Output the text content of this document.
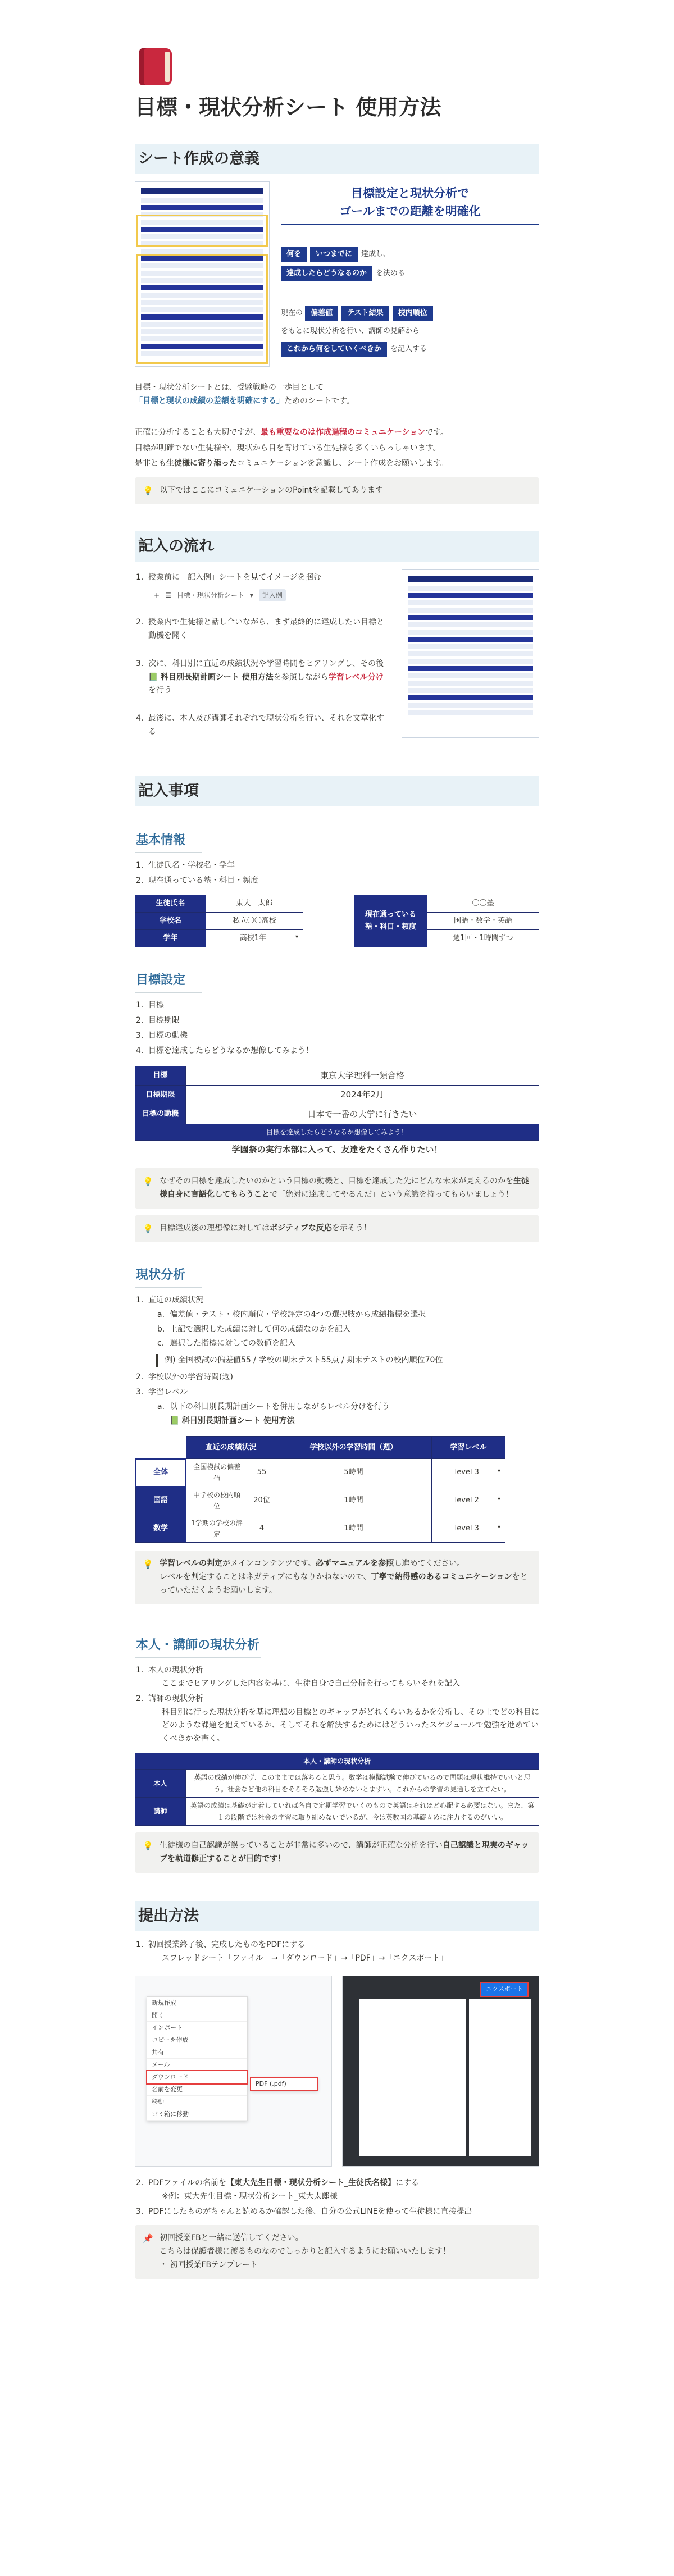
目標・現状分析シート 使用方法
シート作成の意義
目標設定と現状分析で
ゴールまでの距離を明確化
何を いつまでに 達成し、
達成したらどうなるのか を決める
現在の 偏差値 テスト結果 校内順位
をもとに現状分析を行い、講師の見解から
これから何をしていくべきか を記入する

目標・現状分析シートとは、受験戦略の一歩目として
「目標と現状の成績の差額を明確にする」ためのシートです。

正確に分析することも大切ですが、最も重要なのは作成過程のコミュニケーションです。

目標が明確でない生徒様や、現状から目を背けている生徒様も多くいらっしゃいます。

是非とも生徒様に寄り添ったコミュニケーションを意識し、シート作成をお願いします。

💡 以下ではここにコミュニケーションのPointを記載してあります
記入の流れ
授業前に「記入例」シートを見てイメージを掴む
+ ☰ 目標・現状分析シート ▾	記入例
授業内で生徒様と話し合いながら、まず最終的に達成したい目標と動機を聞く
次に、科目別に直近の成績状況や学習時間をヒアリングし、その後 📗 科目別長期計画シート 使用方法を参照しながら学習レベル分けを行う
最後に、本人及び講師それぞれで現状分析を行い、それを文章化する
記入事項
基本情報
生徒氏名・学校名・学年
現在通っている塾・科目・頻度
生徒氏名	東大　太郎
学校名	私立〇〇高校
学年	高校1年 ▾
現在通っている塾・科目・頻度	〇〇塾
国語・数学・英語
週1回・1時間ずつ
目標設定
目標
目標期限
目標の動機
目標を達成したらどうなるか想像してみよう！
目標	東京大学理科一類合格
目標期限	2024年2月
目標の動機	日本で一番の大学に行きたい
目標を達成したらどうなるか想像してみよう！	
学園祭の実行本部に入って、友達をたくさん作りたい！	
💡 なぜその目標を達成したいのかという目標の動機と、目標を達成した先にどんな未来が見えるのかを生徒様自身に言語化してもらうことで「絶対に達成してやるんだ」という意識を持ってもらいましょう！
💡 目標達成後の理想像に対してはポジティブな反応を示そう！
現状分析
直近の成績状況
a. 偏差値・テスト・校内順位・学校評定の4つの選択肢から成績指標を選択
b. 上記で選択した成績に対して何の成績なのかを記入
c. 選択した指標に対しての数値を記入
例) 全国模試の偏差値55 / 学校の期末テスト55点 / 期末テストの校内順位70位
学校以外の学習時間(週)
学習レベル
a. 以下の科目別長期計画シートを併用しながらレベル分けを行う
📗 科目別長期計画シート 使用方法
	直近の成績状況		学校以外の学習時間（週）	学習レベル
全体	全国模試の偏差値	55	5時間	level 3 ▾

国語	中学校の校内順位	20位	1時間	level 2 ▾

数学	1学期の学校の評定	4	1時間	level 3 ▾
💡 学習レベルの判定がメインコンテンツです。必ずマニュアルを参照し進めてください。
レベルを判定することはネガティブにもなりかねないので、丁寧で納得感のあるコミュニケーションをとっていただくようお願いします。
本人・講師の現状分析
本人の現状分析
ここまでヒアリングした内容を基に、生徒自身で自己分析を行ってもらいそれを記入
講師の現状分析
科目別に行った現状分析を基に理想の目標とのギャップがどれくらいあるかを分析し、その上でどの科目にどのような課題を抱えているか、そしてそれを解決するためにはどういったスケジュールで勉強を進めていくべきかを書く。
本人・講師の現状分析	
本人	英語の成績が伸びず、このままでは落ちると思う。数学は模擬試験で伸びているので問題は現状維持でいいと思う。社会など他の科目をそろそろ勉強し始めないとまずい。これからの学習の見通しを立てたい。
講師	英語の成績は基礎が定着していれば各自で定期学習でいくのもので英語はそれほど心配する必要はない。また、第１の段階では社会の学習に取り組めないでいるが、今は英数国の基礎固めに注力するのがいい。
💡 生徒様の自己認識が誤っていることが非常に多いので、講師が正確な分析を行い自己認識と現実のギャップを軌道修正することが目的です！
提出方法
初回授業終了後、完成したものをPDFにする
スプレッドシート「ファイル」→「ダウンロード」→「PDF」→「エクスポート」
新規作成
開く
インポート
コピーを作成
共有
メール
ダウンロード
名前を変更
移動
ゴミ箱に移動
PDF (.pdf)
エクスポート
PDFファイルの名前を【東大先生目標・現状分析シート_生徒氏名様】にする
※例：東大先生目標・現状分析シート_東大太郎様
PDFにしたものがちゃんと読めるか確認した後、自分の公式LINEを使って生徒様に直接提出
📌 初回授業FBと一緒に送信してください。
こちらは保護者様に渡るものなのでしっかりと記入するようにお願いいたします！
・ 初回授業FBテンプレート
